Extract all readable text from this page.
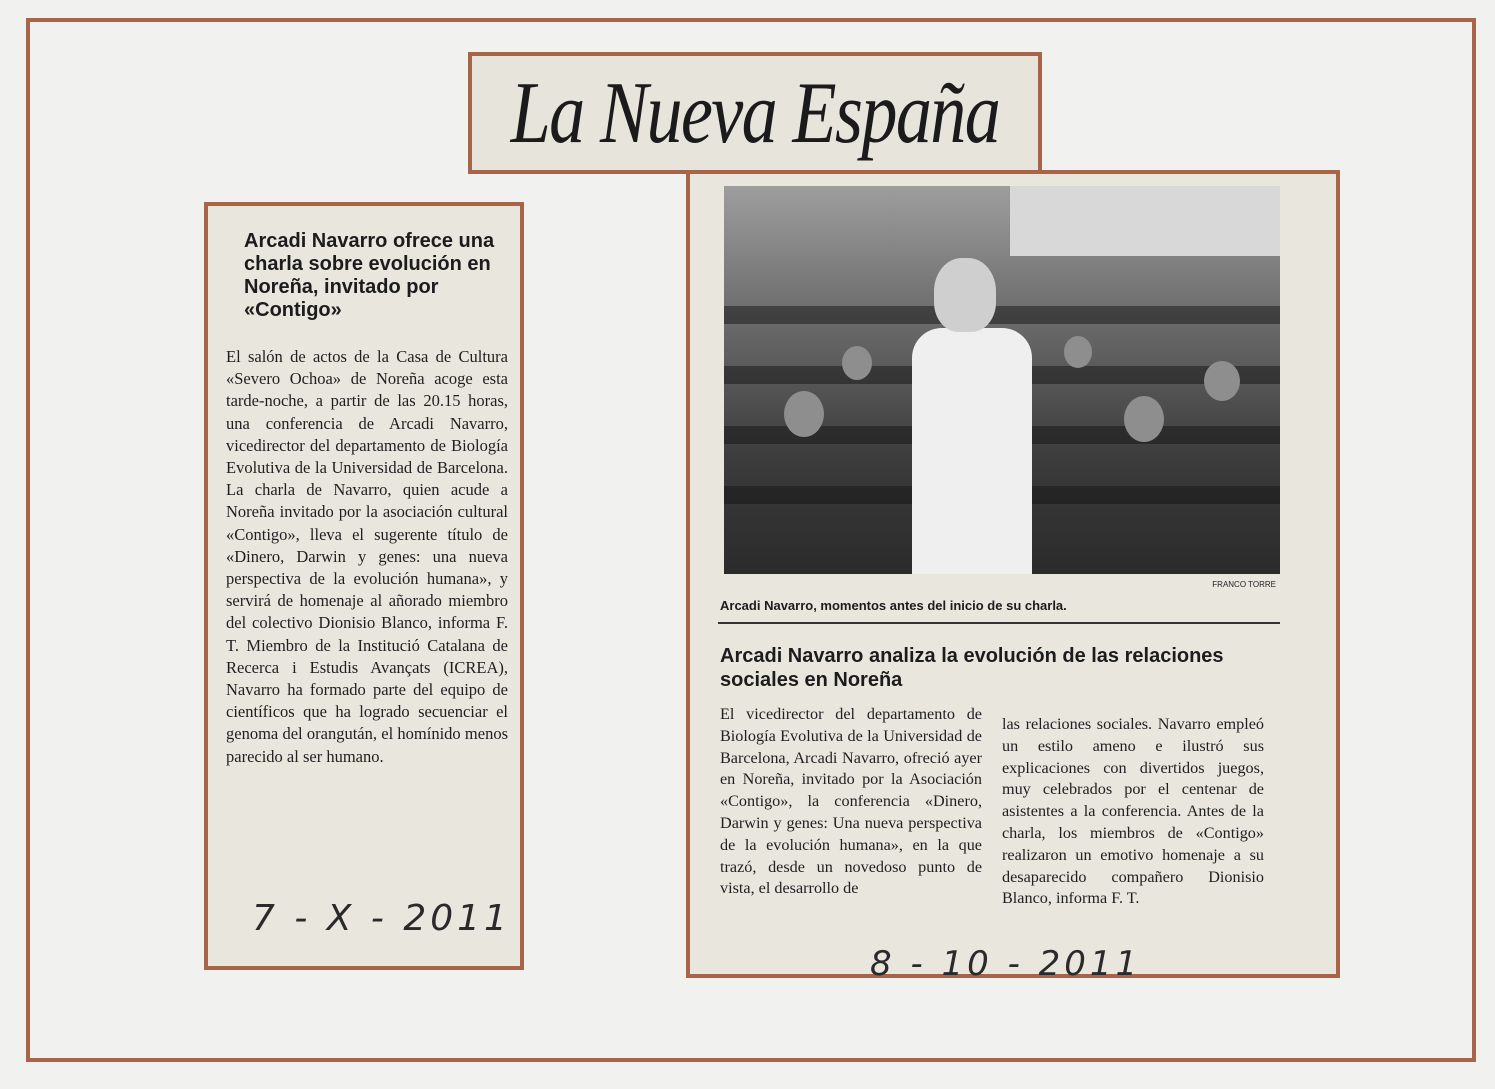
La Nueva España
Arcadi Navarro ofrece una charla sobre evolución en Noreña, invitado por «Contigo»
El salón de actos de la Casa de Cultura «Severo Ochoa» de Noreña acoge esta tarde-noche, a partir de las 20.15 horas, una conferencia de Arcadi Navarro, vicedirector del departamento de Biología Evolutiva de la Universidad de Barcelona. La charla de Navarro, quien acude a Noreña invitado por la asociación cultural «Contigo», lleva el sugerente título de «Dinero, Darwin y genes: una nueva perspectiva de la evolución humana», y servirá de homenaje al añorado miembro del colectivo Dionisio Blanco, informa F. T. Miembro de la Institució Catalana de Recerca i Estudis Avançats (ICREA), Navarro ha formado parte del equipo de científicos que ha logrado secuenciar el genoma del orangután, el homínido menos parecido al ser humano.
7 - X - 2011
FRANCO TORRE
Arcadi Navarro, momentos antes del inicio de su charla.
Arcadi Navarro analiza la evolución de las relaciones sociales en Noreña
El vicedirector del departamento de Biología Evolutiva de la Universidad de Barcelona, Arcadi Navarro, ofreció ayer en Noreña, invitado por la Asociación «Contigo», la conferencia «Dinero, Darwin y genes: Una nueva perspectiva de la evolución humana», en la que trazó, desde un novedoso punto de vista, el desarrollo de
las relaciones sociales. Navarro empleó un estilo ameno e ilustró sus explicaciones con divertidos juegos, muy celebrados por el centenar de asistentes a la conferencia. Antes de la charla, los miembros de «Contigo» realizaron un emotivo homenaje a su desaparecido compañero Dionisio Blanco, informa F. T.
8 - 10 - 2011
